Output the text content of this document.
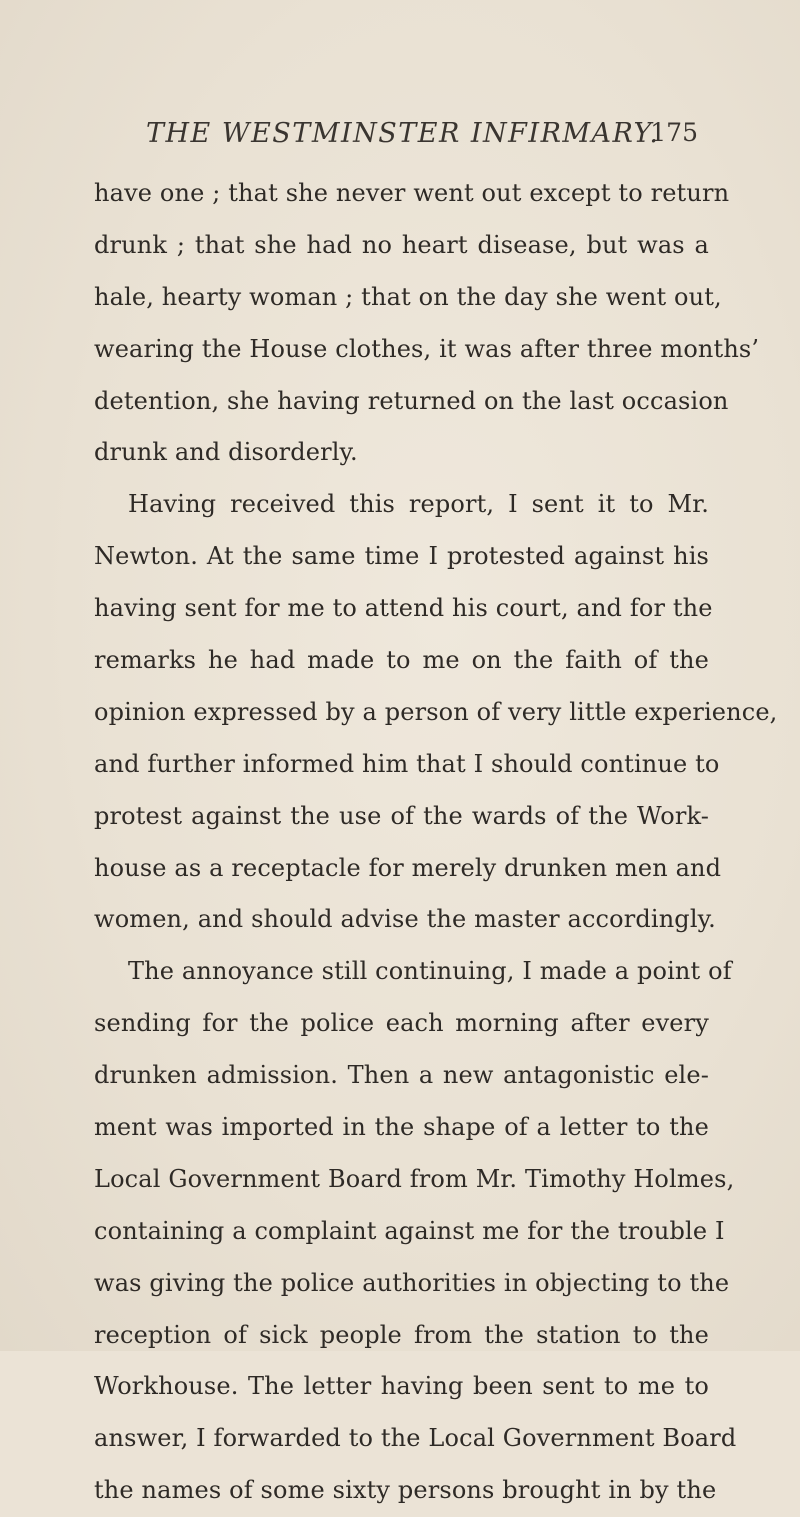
THE WESTMINSTER INFIRMARY.
175
have one ; that she never went out except to return
drunk ; that she had no heart disease, but was a
hale, hearty woman ; that on the day she went out,
wearing the House clothes, it was after three months’
detention, she having returned on the last occasion
drunk and disorderly.
Having received this report, I sent it to Mr.
Newton. At the same time I protested against his
having sent for me to attend his court, and for the
remarks he had made to me on the faith of the
opinion expressed by a person of very little experience,
and further informed him that I should continue to
protest against the use of the wards of the Work-
house as a receptacle for merely drunken men and
women, and should advise the master accordingly.
The annoyance still continuing, I made a point of
sending for the police each morning after every
drunken admission. Then a new antagonistic ele-
ment was imported in the shape of a letter to the
Local Government Board from Mr. Timothy Holmes,
containing a complaint against me for the trouble I
was giving the police authorities in objecting to the
reception of sick people from the station to the
Workhouse. The letter having been sent to me to
answer, I forwarded to the Local Government Board
the names of some sixty persons brought in by the
